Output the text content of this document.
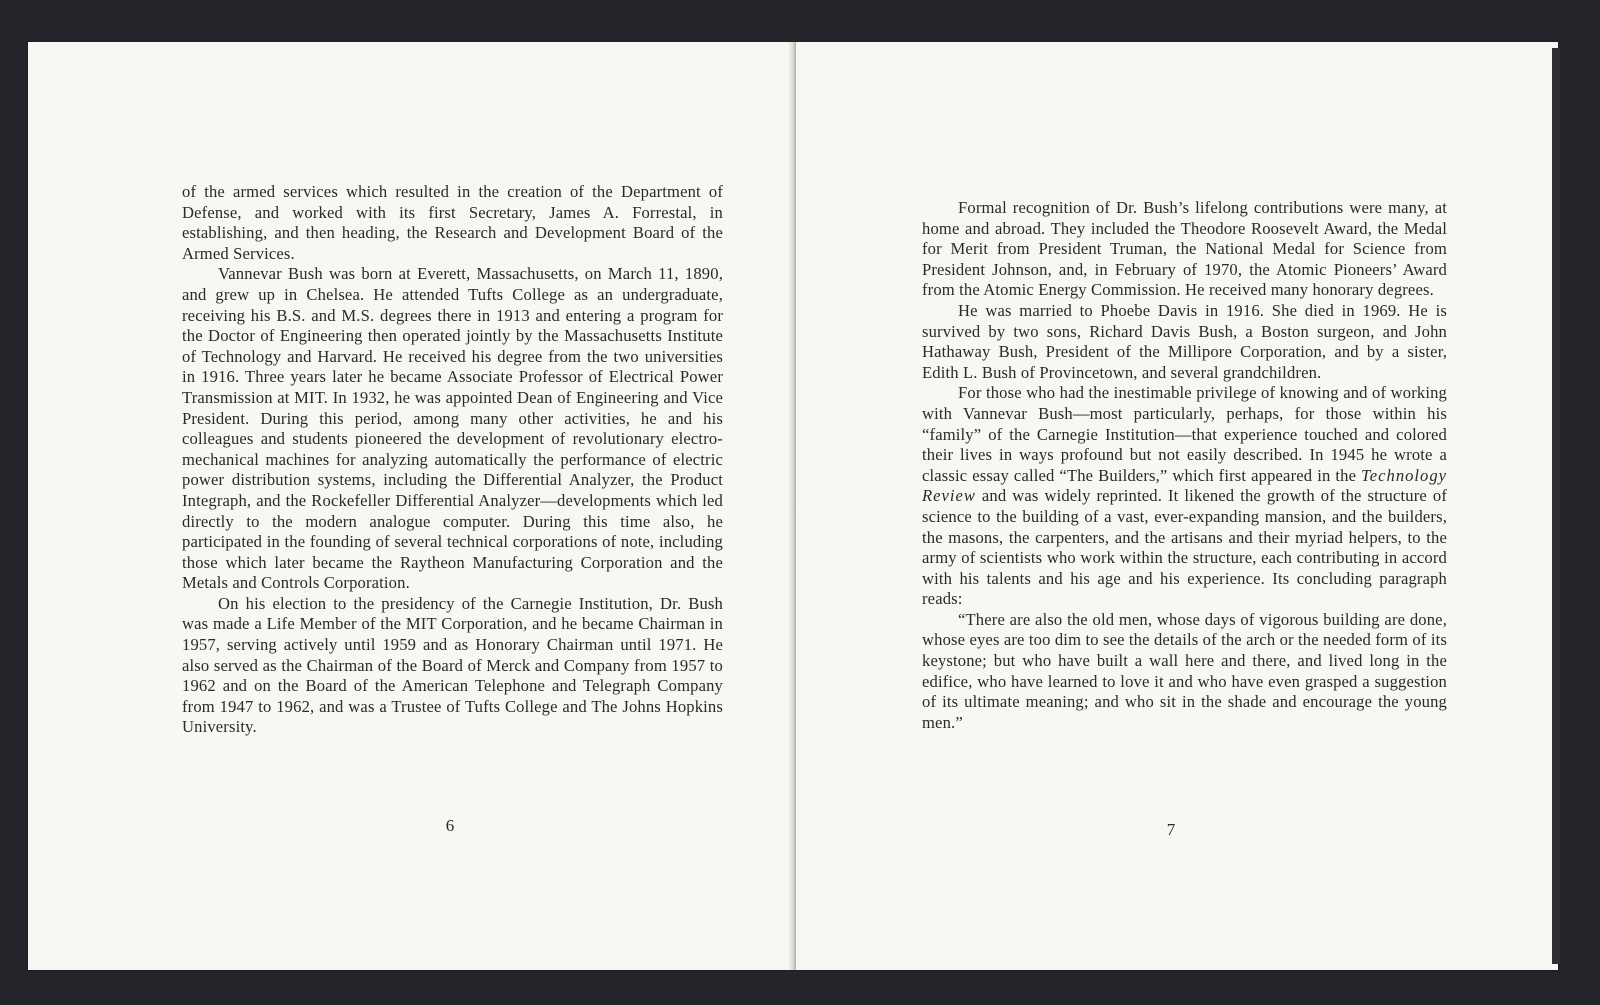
of the armed services which resulted in the creation of the Department of Defense, and worked with its first Secretary, James A. Forrestal, in establishing, and then heading, the Research and Development Board of the Armed Services.

Vannevar Bush was born at Everett, Massachusetts, on March 11, 1890, and grew up in Chelsea. He attended Tufts College as an undergraduate, receiving his B.S. and M.S. degrees there in 1913 and entering a program for the Doctor of Engineering then operated jointly by the Massachusetts Institute of Technology and Harvard. He received his degree from the two universities in 1916. Three years later he became Associate Professor of Electrical Power Transmission at MIT. In 1932, he was appointed Dean of Engineering and Vice President. During this period, among many other activities, he and his colleagues and students pioneered the development of revolutionary electro-mechanical machines for analyzing automatically the performance of electric power distribution systems, including the Differential Analyzer, the Product Integraph, and the Rockefeller Differential Analyzer—developments which led directly to the modern analogue computer. During this time also, he participated in the founding of several technical corporations of note, including those which later became the Raytheon Manufacturing Corporation and the Metals and Controls Corporation.

On his election to the presidency of the Carnegie Institution, Dr. Bush was made a Life Member of the MIT Corporation, and he became Chairman in 1957, serving actively until 1959 and as Honorary Chairman until 1971. He also served as the Chairman of the Board of Merck and Company from 1957 to 1962 and on the Board of the American Telephone and Telegraph Company from 1947 to 1962, and was a Trustee of Tufts College and The Johns Hopkins University.

6

Formal recognition of Dr. Bush’s lifelong contributions were many, at home and abroad. They included the Theodore Roosevelt Award, the Medal for Merit from President Truman, the National Medal for Science from President Johnson, and, in February of 1970, the Atomic Pioneers’ Award from the Atomic Energy Commission. He received many honorary degrees.

He was married to Phoebe Davis in 1916. She died in 1969. He is survived by two sons, Richard Davis Bush, a Boston surgeon, and John Hathaway Bush, President of the Millipore Corporation, and by a sister, Edith L. Bush of Provincetown, and several grandchildren.

For those who had the inestimable privilege of knowing and of working with Vannevar Bush—most particularly, perhaps, for those within his “family” of the Carnegie Institution—that experience touched and colored their lives in ways profound but not easily described. In 1945 he wrote a classic essay called “The Builders,” which first appeared in the Technology Review and was widely reprinted. It likened the growth of the structure of science to the building of a vast, ever-expanding mansion, and the builders, the masons, the carpenters, and the artisans and their myriad helpers, to the army of scientists who work within the structure, each contributing in accord with his talents and his age and his experience. Its concluding paragraph reads:

“There are also the old men, whose days of vigorous building are done, whose eyes are too dim to see the details of the arch or the needed form of its keystone; but who have built a wall here and there, and lived long in the edifice, who have learned to love it and who have even grasped a suggestion of its ultimate meaning; and who sit in the shade and encourage the young men.”

7
